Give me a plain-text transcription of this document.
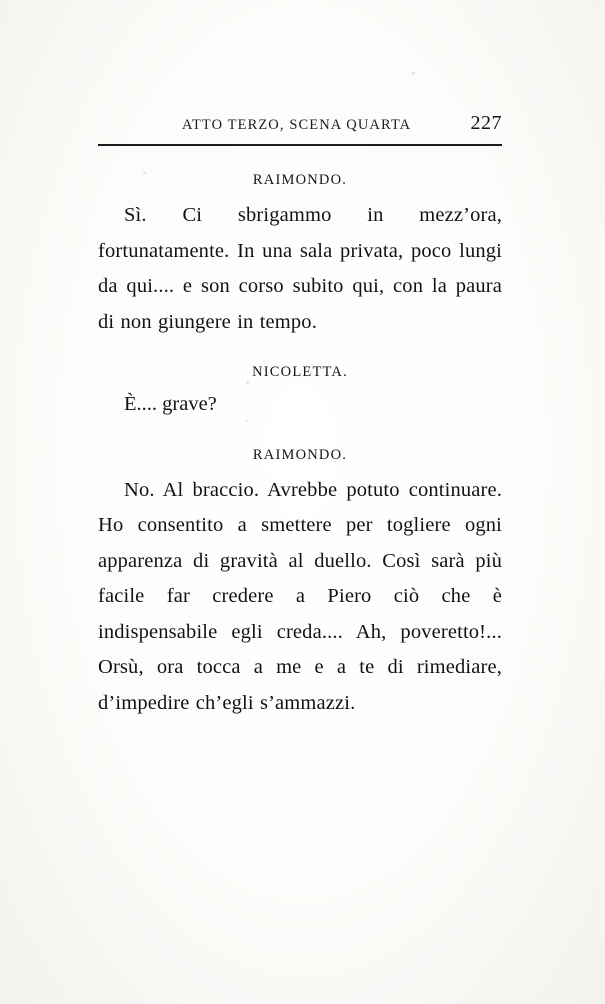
ATTO TERZO, SCENA QUARTA	227

RAIMONDO.

Sì. Ci sbrigammo in mezz’ora, fortunatamente. In una sala privata, poco lungi da qui.... e son corso subito qui, con la paura di non giungere in tempo.

NICOLETTA.

È.... grave?

RAIMONDO.

No. Al braccio. Avrebbe potuto continuare. Ho consentito a smettere per togliere ogni apparenza di gravità al duello. Così sarà più facile far credere a Piero ciò che è indispensabile egli creda.... Ah, poveretto!... Orsù, ora tocca a me e a te di rimediare, d’impedire ch’egli s’ammazzi.
